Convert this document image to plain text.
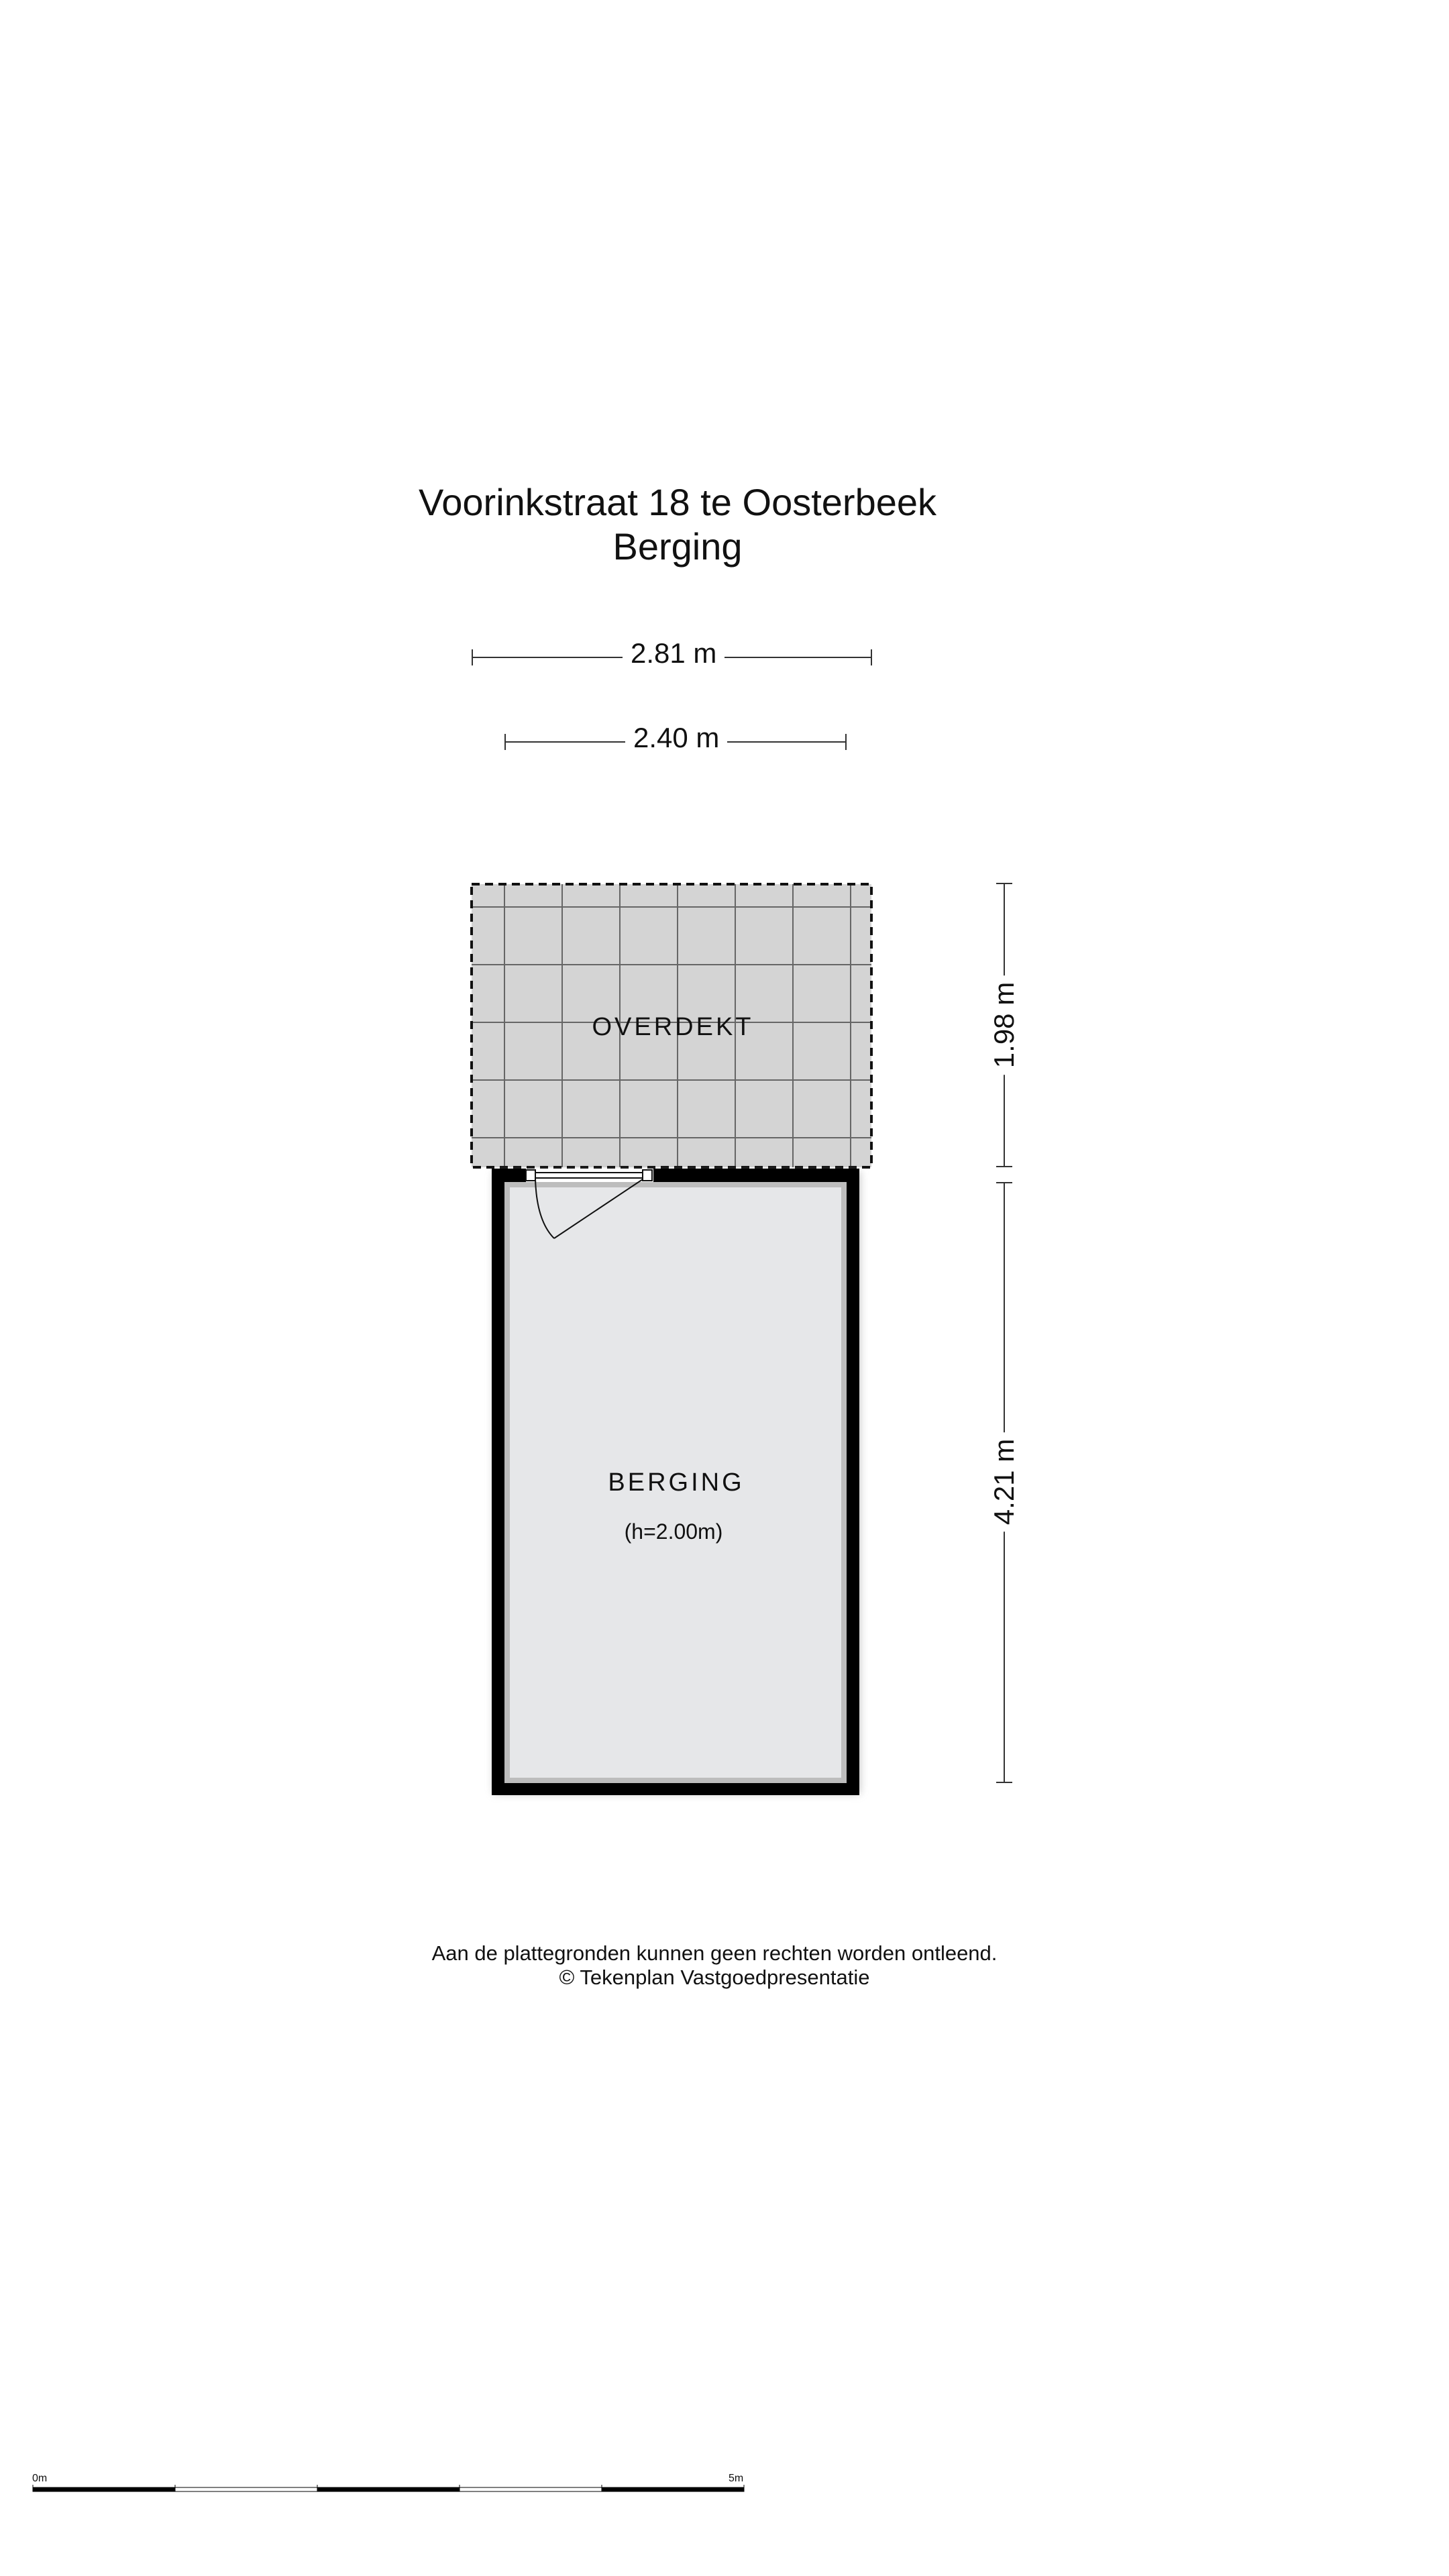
Voorinkstraat 18 te Oosterbeek
Berging
2.81 m
2.40 m
1.98 m
4.21 m
OVERDEKT
BERGING
(h=2.00m)
Aan de plattegronden kunnen geen rechten worden ontleend.
© Tekenplan Vastgoedpresentatie
0m	5m
